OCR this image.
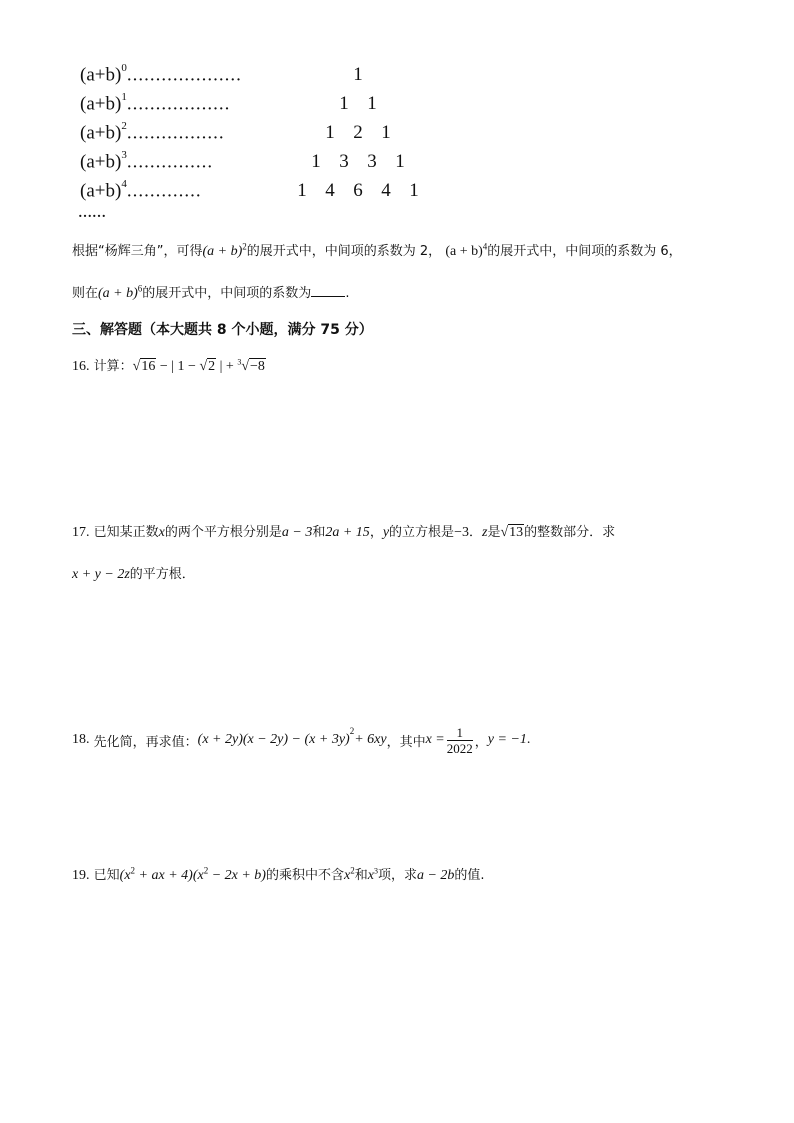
$(a+b)^0$....................	1
$(a+b)^1$..................	1 1
$(a+b)^2$.................	1 2 1
$(a+b)^3$...............	1 3 3 1
$(a+b)^4$.............	1 4 6 4 1
……
根据“杨辉三角”，可得$(a + b)^2$的展开式中，中间项的系数为 2， $(a + b)^4$的展开式中，中间项的系数为 6，
则在$(a + b)^6$的展开式中，中间项的系数为	.
三、解答题（本大题共 8 个小题，满分 75 分）
16. 计算：√16 − | 1 − √2 | + $^3$√−8
17. 已知某正数x的两个平方根分别是a − 3和2a + 15，y的立方根是−3．z是√13的整数部分．求
x + y − 2z的平方根．
18.
先化简，再求值： (x + 2y)(x − 2y) − (x + 3y)
$^2$
+ 6xy ，其中 $x = \frac{1}{2022}$ ， y = −1 .
19. 已知($x^2$ + ax + $4)(x^2 - 2x + b)$的乘积中不含$x^2$和$x^3$项，求a − 2b的值.
